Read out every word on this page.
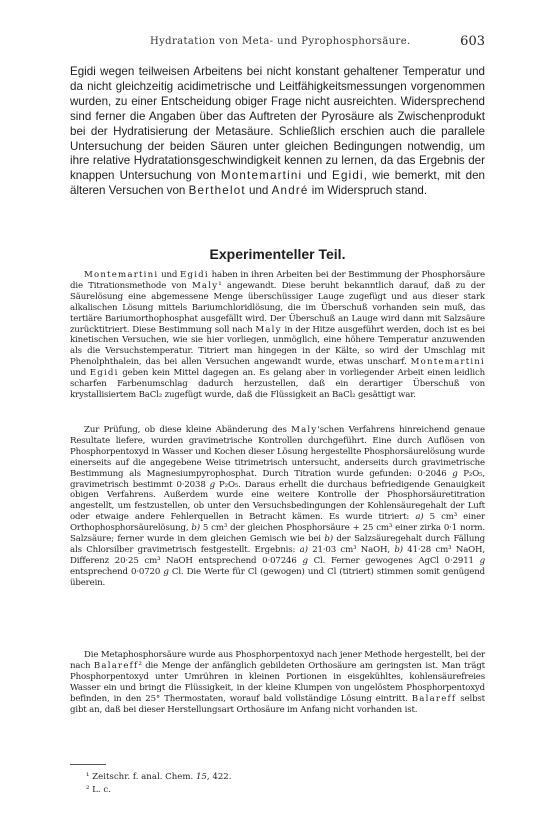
Hydratation von Meta- und Pyrophosphorsäure.	603

Egidi wegen teilweisen Arbeitens bei nicht konstant gehaltener Temperatur und da nicht gleichzeitig acidimetrische und Leitfähigkeitsmessungen vorgenommen wurden, zu einer Entscheidung obiger Frage nicht ausreichten. Widersprechend sind ferner die Angaben über das Auftreten der Pyrosäure als Zwischenprodukt bei der Hydratisierung der Metasäure. Schließlich erschien auch die parallele Untersuchung der beiden Säuren unter gleichen Bedingungen notwendig, um ihre relative Hydratationsgeschwindigkeit kennen zu lernen, da das Ergebnis der knappen Untersuchung von Montemartini und Egidi, wie bemerkt, mit den älteren Versuchen von Berthelot und André im Widerspruch stand.

Experimenteller Teil.

Montemartini und Egidi haben in ihren Arbeiten bei der Bestimmung der Phosphorsäure die Titrationsmethode von Maly¹ angewandt. Diese beruht bekanntlich darauf, daß zu der Säurelösung eine abgemessene Menge überschüssiger Lauge zugefügt und aus dieser stark alkalischen Lösung mittels Bariumchloridlösung, die im Überschuß vorhanden sein muß, das tertiäre Bariumorthophosphat ausgefällt wird. Der Überschuß an Lauge wird dann mit Salzsäure zurücktitriert. Diese Bestimmung soll nach Maly in der Hitze ausgeführt werden, doch ist es bei kinetischen Versuchen, wie sie hier vorliegen, unmöglich, eine höhere Temperatur anzuwenden als die Versuchstemperatur. Titriert man hingegen in der Kälte, so wird der Umschlag mit Phenolphthalein, das bei allen Versuchen angewandt wurde, etwas unscharf. Montemartini und Egidi geben kein Mittel dagegen an. Es gelang aber in vorliegender Arbeit einen leidlich scharfen Farbenumschlag dadurch herzustellen, daß ein derartiger Überschuß von krystallisiertem BaCl₂ zugefügt wurde, daß die Flüssigkeit an BaCl₂ gesättigt war.

Zur Prüfung, ob diese kleine Abänderung des Maly'schen Verfahrens hinreichend genaue Resultate liefere, wurden gravimetrische Kontrollen durchgeführt. Eine durch Auflösen von Phosphorpentoxyd in Wasser und Kochen dieser Lösung hergestellte Phosphorsäurelösung wurde einerseits auf die angegebene Weise titrimetrisch untersucht, anderseits durch gravimetrische Bestimmung als Magnesiumpyrophosphat. Durch Titration wurde gefunden: 0·2046 g P₂O₅, gravimetrisch bestimmt 0·2038 g P₂O₅. Daraus erhellt die durchaus befriedigende Genauigkeit obigen Verfahrens. Außerdem wurde eine weitere Kontrolle der Phosphorsäuretitration angestellt, um festzustellen, ob unter den Versuchsbedingungen der Kohlensäuregehalt der Luft oder etwaige andere Fehlerquellen in Betracht kämen. Es wurde titriert: a) 5 cm³ einer Orthophosphorsäurelösung, b) 5 cm³ der gleichen Phosphorsäure + 25 cm³ einer zirka 0·1 norm. Salzsäure; ferner wurde in dem gleichen Gemisch wie bei b) der Salzsäuregehalt durch Fällung als Chlorsilber gravimetrisch festgestellt. Ergebnis: a) 21·03 cm³ NaOH, b) 41·28 cm³ NaOH, Differenz 20·25 cm³ NaOH entsprechend 0·07246 g Cl. Ferner gewogenes AgCl 0·2911 g entsprechend 0·0720 g Cl. Die Werte für Cl (gewogen) und Cl (titriert) stimmen somit genügend überein.

Die Metaphosphorsäure wurde aus Phosphorpentoxyd nach jener Methode hergestellt, bei der nach Balareff² die Menge der anfänglich gebildeten Orthosäure am geringsten ist. Man trägt Phosphorpentoxyd unter Umrühren in kleinen Portionen in eisgekühltes, kohlensäurefreies Wasser ein und bringt die Flüssigkeit, in der kleine Klumpen von ungelöstem Phosphorpentoxyd befinden, in den 25° Thermostaten, worauf bald vollständige Lösung eintritt. Balareff selbst gibt an, daß bei dieser Herstellungsart Orthosäure im Anfang nicht vorhanden ist.

¹ Zeitschr. f. anal. Chem. 15, 422.
² L. c.
